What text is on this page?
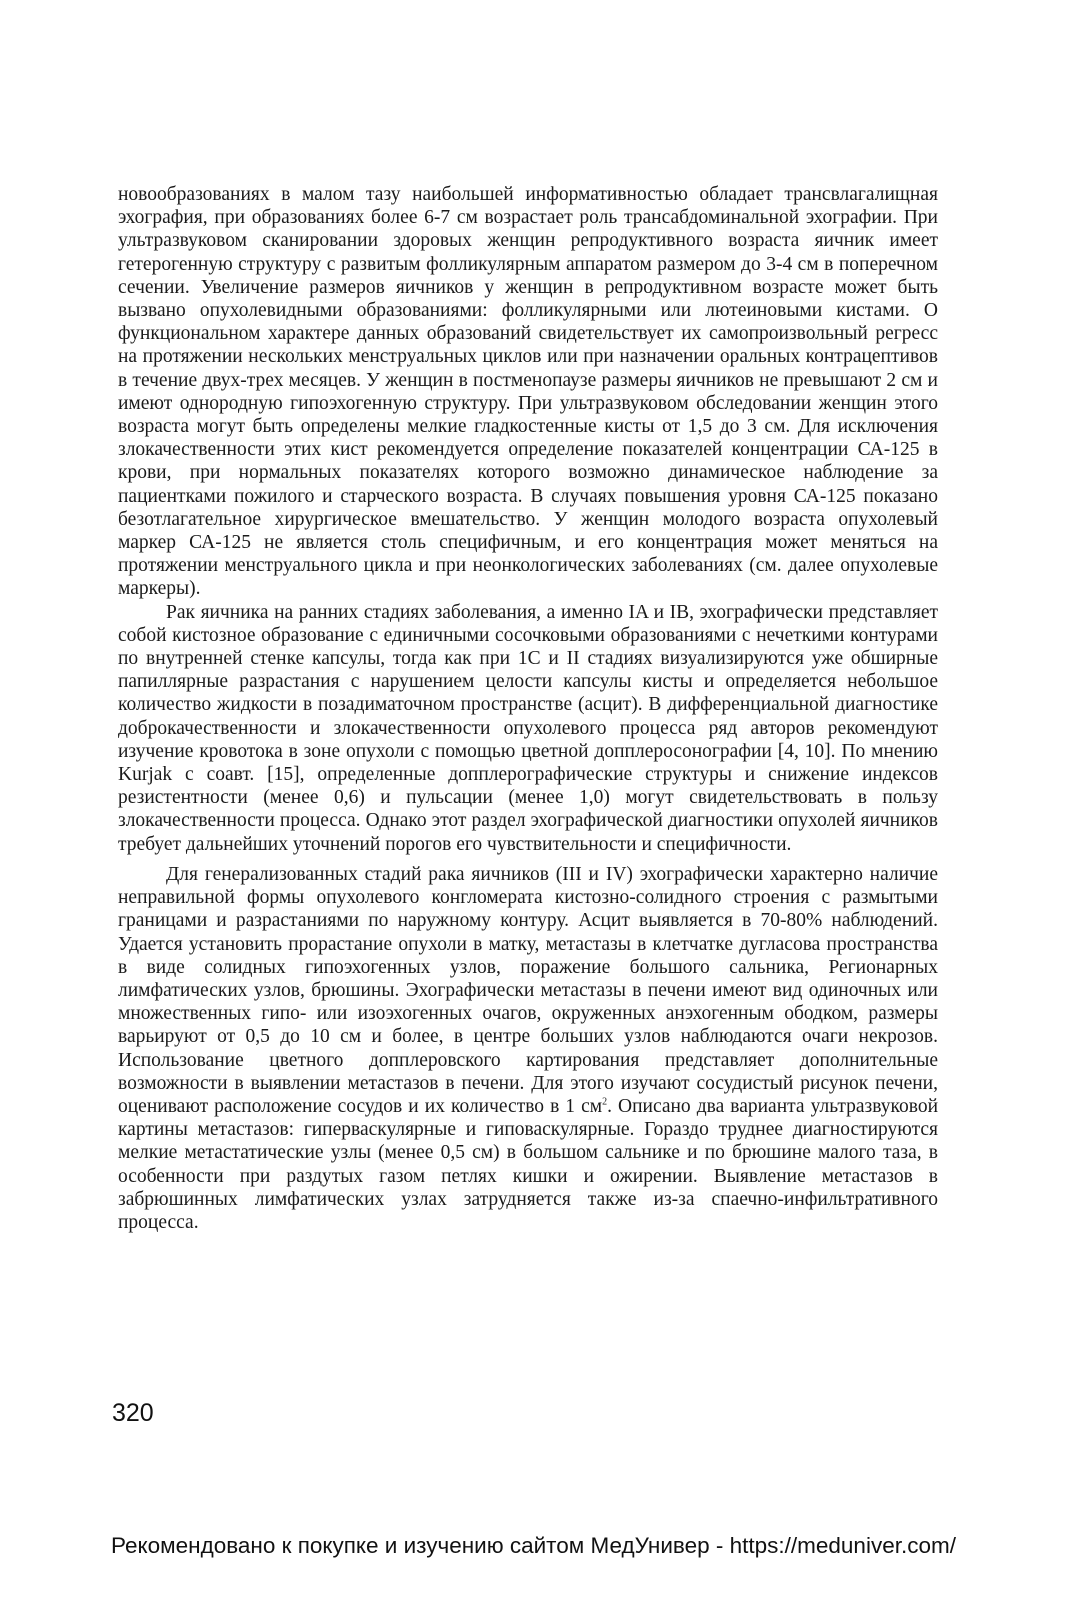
новообразованиях в малом тазу наибольшей информативностью обладает трансвлагалищная эхография, при образованиях более 6-7 см возрастает роль трансабдоминальной эхографии. При ультразвуковом сканировании здоровых женщин репродуктивного возраста яичник имеет гетерогенную структуру с развитым фолликулярным аппаратом размером до 3-4 см в поперечном сечении. Увеличение размеров яичников у женщин в репродуктивном возрасте может быть вызвано опухолевидными образованиями: фолликулярными или лютеиновыми кистами. О функциональном характере данных образований свидетельствует их самопроизвольный регресс на протяжении нескольких менструальных циклов или при назначении оральных контрацептивов в течение двух-трех месяцев. У женщин в постменопаузе размеры яичников не превышают 2 см и имеют однородную гипоэхогенную структуру. При ультразвуковом обследовании женщин этого возраста могут быть определены мелкие гладкостенные кисты от 1,5 до 3 см. Для исключения злокачественности этих кист рекомендуется определение показателей концентрации СА-125 в крови, при нормальных показателях которого возможно динамическое наблюдение за пациентками пожилого и старческого возраста. В случаях повышения уровня СА-125 показано безотлагательное хирургическое вмешательство. У женщин молодого возраста опухолевый маркер СА-125 не является столь специфичным, и его концентрация может меняться на протяжении менструального цикла и при неонкологических заболеваниях (см. далее опухолевые маркеры).

Рак яичника на ранних стадиях заболевания, а именно IA и IB, эхографически представляет собой кистозное образование с единичными сосочковыми образованиями с нечеткими контурами по внутренней стенке капсулы, тогда как при 1C и II стадиях визуализируются уже обширные папиллярные разрастания с нарушением целости капсулы кисты и определяется небольшое количество жидкости в позадиматочном пространстве (асцит). В дифференциальной диагностике доброкачественности и злокачественности опухолевого процесса ряд авторов рекомендуют изучение кровотока в зоне опухоли с помощью цветной допплеросонографии [4, 10]. По мнению Kurjak с соавт. [15], определенные допплерографические структуры и снижение индексов резистентности (менее 0,6) и пульсации (менее 1,0) могут свидетельствовать в пользу злокачественности процесса. Однако этот раздел эхографической диагностики опухолей яичников требует дальнейших уточнений порогов его чувствительности и специфичности.

Для генерализованных стадий рака яичников (III и IV) эхографически характерно наличие неправильной формы опухолевого конгломерата кистозно-солидного строения с размытыми границами и разрастаниями по наружному контуру. Асцит выявляется в 70-80% наблюдений. Удается установить прорастание опухоли в матку, метастазы в клетчатке дугласова пространства в виде солидных гипоэхогенных узлов, поражение большого сальника, Регионарных лимфатических узлов, брюшины. Эхографически метастазы в печени имеют вид одиночных или множественных гипо- или изоэхогенных очагов, окруженных анэхогенным ободком, размеры варьируют от 0,5 до 10 см и более, в центре больших узлов наблюдаются очаги некрозов. Использование цветного допплеровского картирования представляет дополнительные возможности в выявлении метастазов в печени. Для этого изучают сосудистый рисунок печени, оценивают расположение сосудов и их количество в 1 $см^2$. Описано два варианта ультразвуковой картины метастазов: гиперваскулярные и гиповаскулярные. Гораздо труднее диагностируются мелкие метастатические узлы (менее 0,5 см) в большом сальнике и по брюшине малого таза, в особенности при раздутых газом петлях кишки и ожирении. Выявление метастазов в забрюшинных лимфатических узлах затрудняется также из-за спаечно-инфильтративного процесса.

320
Рекомендовано к покупке и изучению сайтом МедУнивер - https://meduniver.com/
